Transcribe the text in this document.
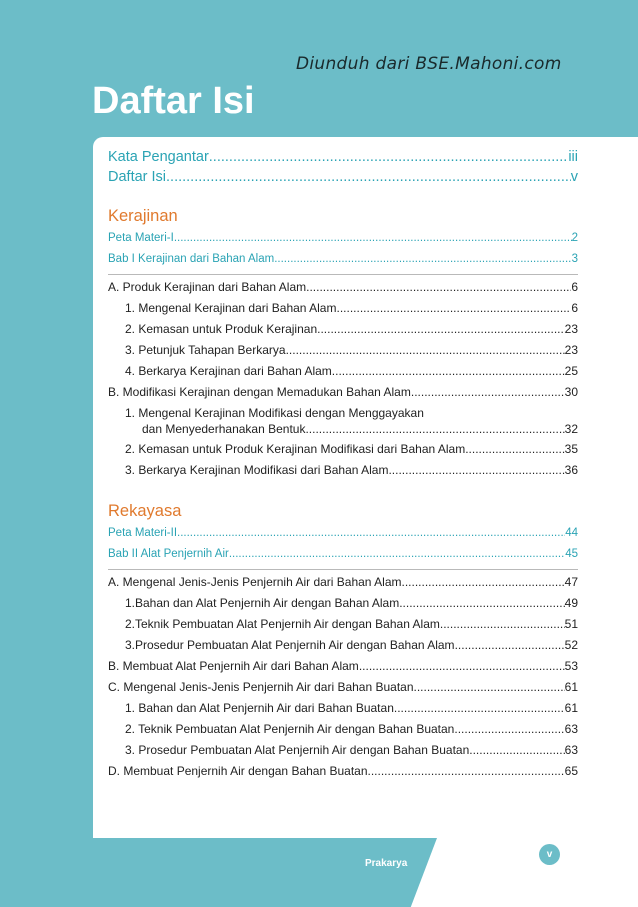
Diunduh dari BSE.Mahoni.com
Daftar Isi
Kata Pengantar .....	iii
Daftar Isi .....	v
Kerajinan
Peta Materi-I .....	2
Bab I Kerajinan dari Bahan Alam .....	3
A. Produk Kerajinan dari Bahan Alam .....	6
1. Mengenal Kerajinan dari Bahan Alam .....	6
2. Kemasan untuk Produk Kerajinan .....	23
3. Petunjuk Tahapan Berkarya .....	23
4. Berkarya Kerajinan dari Bahan Alam .....	25
B. Modifikasi Kerajinan dengan Memadukan Bahan Alam .....	30
1. Mengenal Kerajinan Modifikasi dengan Menggayakan
dan Menyederhanakan Bentuk .....	32
2. Kemasan untuk Produk Kerajinan Modifikasi dari Bahan Alam .....	35
3. Berkarya Kerajinan Modifikasi dari Bahan Alam .....	36
Rekayasa
Peta Materi-II .....	44
Bab II Alat Penjernih Air .....	45
A. Mengenal Jenis-Jenis Penjernih Air dari Bahan Alam .....	47
1.Bahan dan Alat Penjernih Air dengan Bahan Alam .....	49
2.Teknik Pembuatan Alat Penjernih Air dengan Bahan Alam .....	51
3.Prosedur Pembuatan Alat Penjernih Air dengan Bahan Alam .....	52
B. Membuat Alat Penjernih Air dari Bahan Alam .....	53
C. Mengenal Jenis-Jenis Penjernih Air dari Bahan Buatan .....	61
1. Bahan dan Alat Penjernih Air dari Bahan Buatan .....	61
2. Teknik Pembuatan Alat Penjernih Air dengan Bahan Buatan .....	63
3. Prosedur Pembuatan Alat Penjernih Air dengan Bahan Buatan .....	63
D. Membuat Penjernih Air dengan Bahan Buatan .....	65
Prakarya
v
